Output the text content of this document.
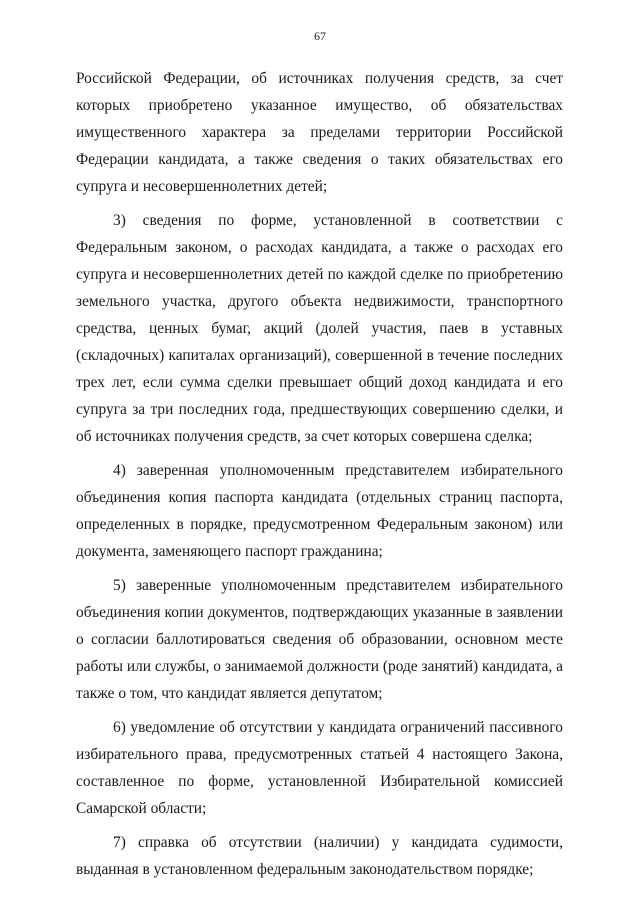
67

Российской Федерации, об источниках получения средств, за счет которых приобретено указанное имущество, об обязательствах имущественного характера за пределами территории Российской Федерации кандидата, а также сведения о таких обязательствах его супруга и несовершеннолетних детей;

3) сведения по форме, установленной в соответствии с Федеральным законом, о расходах кандидата, а также о расходах его супруга и несовершеннолетних детей по каждой сделке по приобретению земельного участка, другого объекта недвижимости, транспортного средства, ценных бумаг, акций (долей участия, паев в уставных (складочных) капиталах организаций), совершенной в течение последних трех лет, если сумма сделки превышает общий доход кандидата и его супруга за три последних года, предшествующих совершению сделки, и об источниках получения средств, за счет которых совершена сделка;

4) заверенная уполномоченным представителем избирательного объединения копия паспорта кандидата (отдельных страниц паспорта, определенных в порядке, предусмотренном Федеральным законом) или документа, заменяющего паспорт гражданина;

5) заверенные уполномоченным представителем избирательного объединения копии документов, подтверждающих указанные в заявлении о согласии баллотироваться сведения об образовании, основном месте работы или службы, о занимаемой должности (роде занятий) кандидата, а также о том, что кандидат является депутатом;

6) уведомление об отсутствии у кандидата ограничений пассивного избирательного права, предусмотренных статьей 4 настоящего Закона, составленное по форме, установленной Избирательной комиссией Самарской области;

7) справка об отсутствии (наличии) у кандидата судимости, выданная в установленном федеральным законодательством порядке;
